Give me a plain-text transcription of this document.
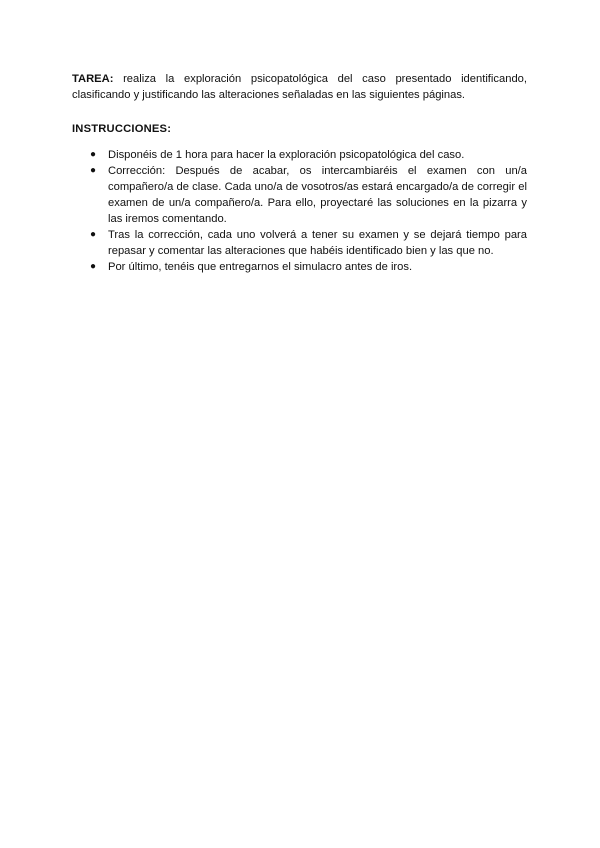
TAREA: realiza la exploración psicopatológica del caso presentado identificando, clasificando y justificando las alteraciones señaladas en las siguientes páginas.

INSTRUCCIONES:
● Disponéis de 1 hora para hacer la exploración psicopatológica del caso.
● Corrección: Después de acabar, os intercambiaréis el examen con un/a compañero/a de clase. Cada uno/a de vosotros/as estará encargado/a de corregir el examen de un/a compañero/a. Para ello, proyectaré las soluciones en la pizarra y las iremos comentando.
● Tras la corrección, cada uno volverá a tener su examen y se dejará tiempo para repasar y comentar las alteraciones que habéis identificado bien y las que no.
● Por último, tenéis que entregarnos el simulacro antes de iros.
